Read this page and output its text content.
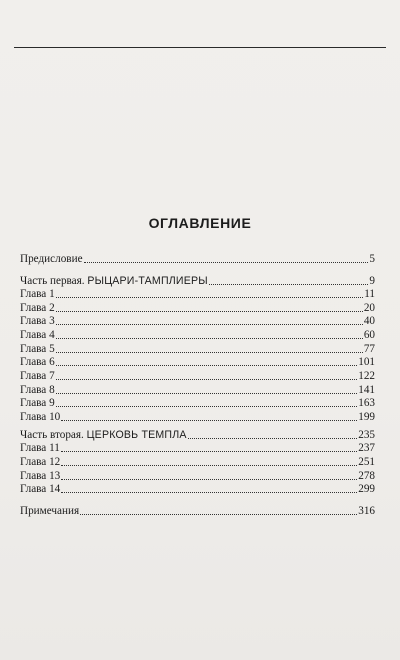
ОГЛАВЛЕНИЕ
Предисловие	5
Часть первая. РЫЦАРИ-ТАМПЛИЕРЫ	9
Глава 1	11
Глава 2	20
Глава 3	40
Глава 4	60
Глава 5	77
Глава 6	101
Глава 7	122
Глава 8	141
Глава 9	163
Глава 10	199
Часть вторая. ЦЕРКОВЬ ТЕМПЛА	235
Глава 11	237
Глава 12	251
Глава 13	278
Глава 14	299
Примечания	316
